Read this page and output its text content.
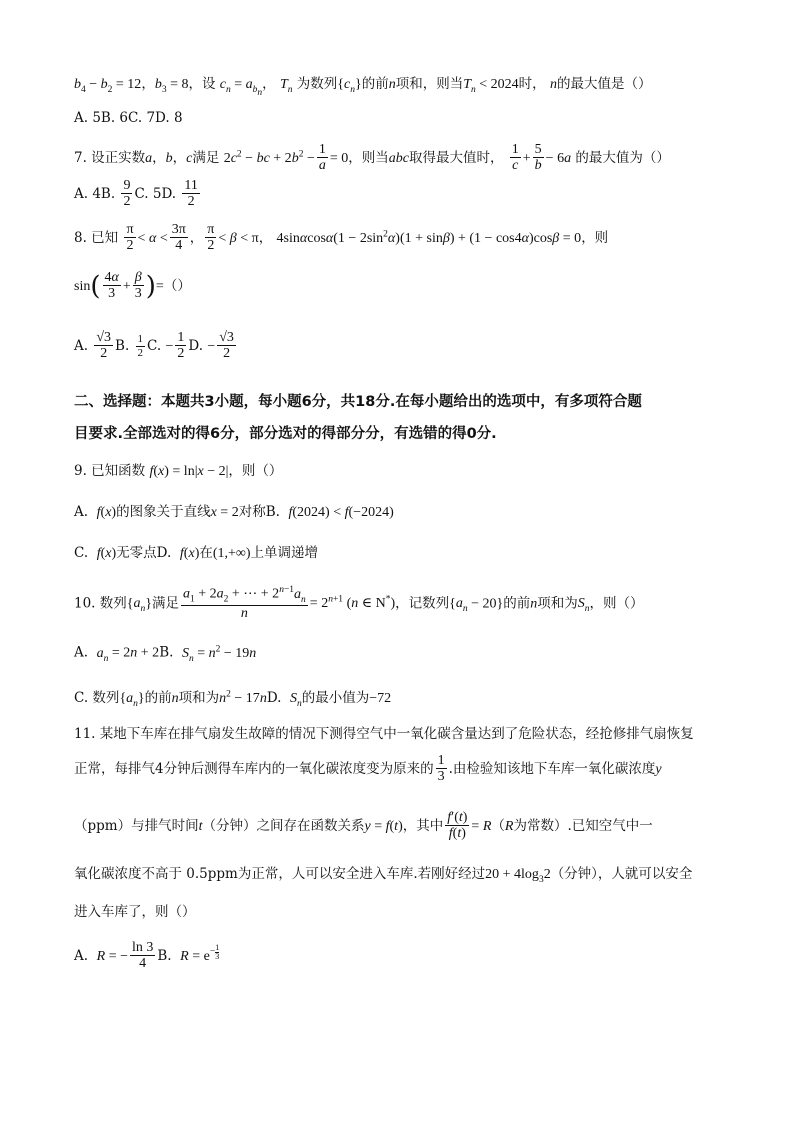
$b_4 - b_2 = 12$，$b_3 = 8$，设 $c_n = a_{b_n}$， $T_n$ 为数列$\{c_n\}$的前n项和，则当$T_n < 2024$时， n的最大值是（）
A. 5B. 6C. 7D. 8
7. 设正实数a，b，c满足 $2c^2$ − bc + $2b^2 - \frac{1}{a} = 0$，则当abc取得最大值时， $\frac{1}{c} + \frac{5}{b} - 6a$ 的最大值为（）
A. 4B. $\frac{9}{2} C$. 5D. $\frac{11}{2}$
8. 已知 $\frac{\pi}{2} < \alpha < \frac{3\pi}{4}$ ， $\frac{\pi}{2} < \beta < \pi$， $4\sin\alpha\cos\alpha(1 - 2\sin^2\alpha)(1 + \sin\beta) + (1 - \cos 4\alpha)\cos\beta = 0$，则
$\sin( \frac{4\alpha}{3} + \frac{\beta}{3}$ )=（）
A. $\frac{√3}{2} B$. $\frac{1}{2} C$. − $\frac{1}{2} D$. − $\frac{√3}{2}$
二、选择题：本题共3小题，每小题6分，共18分.在每小题给出的选项中，有多项符合题
目要求.全部选对的得6分，部分选对的得部分分，有选错的得0分.
9. 已知函数 f(x) = ln|x − 2|，则（）
A.  f(x)的图象关于直线x = 2对称B.  f(2024) < f(−2024)
C.  f(x)无零点D.  f(x)在(1,+∞)上单调递增
10. 数列$\{a_n\}$满足 $\frac{a_1 + 2a_2 + \cdots + 2^{n-1}a_n}{n} = 2^{n+1}$ (n ∈ N*)，记数列$\{a_n - 20\}$的前n项和为$S_n$，则（）
A.  $a_n = 2n + 2B$.  $S_n = n^2 - 19n$
C. 数列$\{a_n\}$的前n项和为$n^2 - 17nD$.  $S_n$的最小值为−72
11. 某地下车库在排气扇发生故障的情况下测得空气中一氧化碳含量达到了危险状态，经抢修排气扇恢复
正常，每排气4分钟后测得车库内的一氧化碳浓度变为原来的 $\frac{1}{3}$ .由检验知该地下车库一氧化碳浓度y
（ppm）与排气时间t（分钟）之间存在函数关系y = f(t)，其中 $\frac{f'(t)}{f(t)} = R(R$为常数）.已知空气中一
氧化碳浓度不高于 0.5ppm为正常，人可以安全进入车库.若刚好经过$20 + 4\log_32$（分钟），人就可以安全
进入车库了，则（）
A.  R = − $\frac{\ln 3}{4} B$.  $R = e^{- \frac{1}{3}}$
